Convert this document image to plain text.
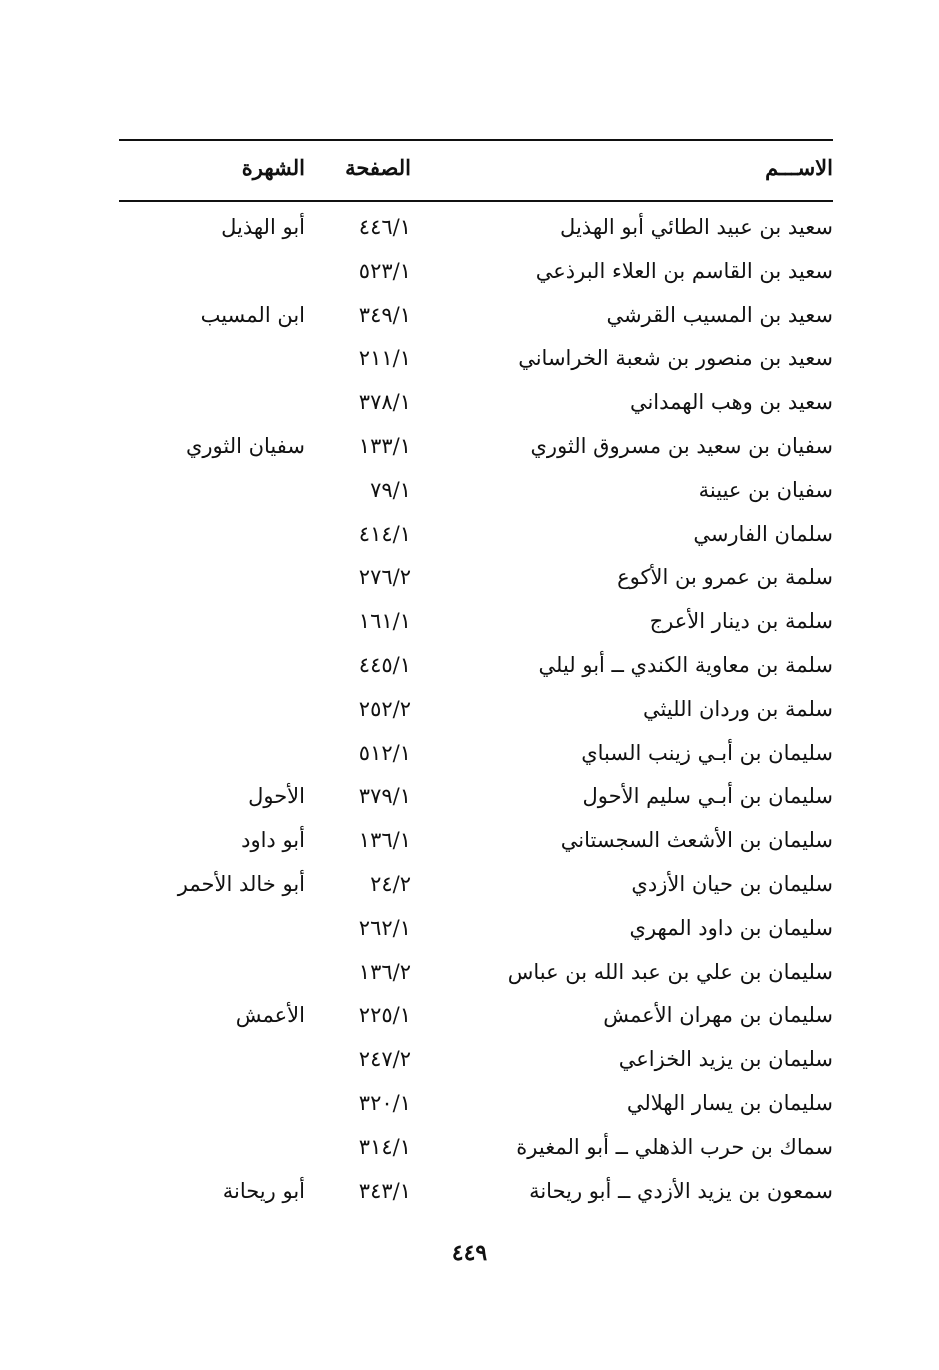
الاســـم
الصفحة
الشهرة
سعيد بن عبيد الطائي أبو الهذيل
٤٤٦/١
أبو الهذيل
سعيد بن القاسم بن العلاء البرذعي
٥٢٣/١
سعيد بن المسيب القرشي
٣٤٩/١
ابن المسيب
سعيد بن منصور بن شعبة الخراساني
٢١١/١
سعيد بن وهب الهمداني
٣٧٨/١
سفيان بن سعيد بن مسروق الثوري
١٣٣/١
سفيان الثوري
سفيان بن عيينة
٧٩/١
سلمان الفارسي
٤١٤/١
سلمة بن عمرو بن الأكوع
٢٧٦/٢
سلمة بن دينار الأعرج
١٦١/١
سلمة بن معاوية الكندي ــ أبو ليلي
٤٤٥/١
سلمة بن وردان الليثي
٢٥٢/٢
سليمان بن أبـي زينب السباي
٥١٢/١
سليمان بن أبـي سليم الأحول
٣٧٩/١
الأحول
سليمان بن الأشعث السجستاني
١٣٦/١
أبو داود
سليمان بن حيان الأزدي
٢٤/٢
أبو خالد الأحمر
سليمان بن داود المهري
٢٦٢/١
سليمان بن علي بن عبد الله بن عباس
١٣٦/٢
سليمان بن مهران الأعمش
٢٢٥/١
الأعمش
سليمان بن يزيد الخزاعي
٢٤٧/٢
سليمان بن يسار الهلالي
٣٢٠/١
سماك بن حرب الذهلي ــ أبو المغيرة
٣١٤/١
سمعون بن يزيد الأزدي ــ أبو ريحانة
٣٤٣/١
أبو ريحانة
٤٤٩
